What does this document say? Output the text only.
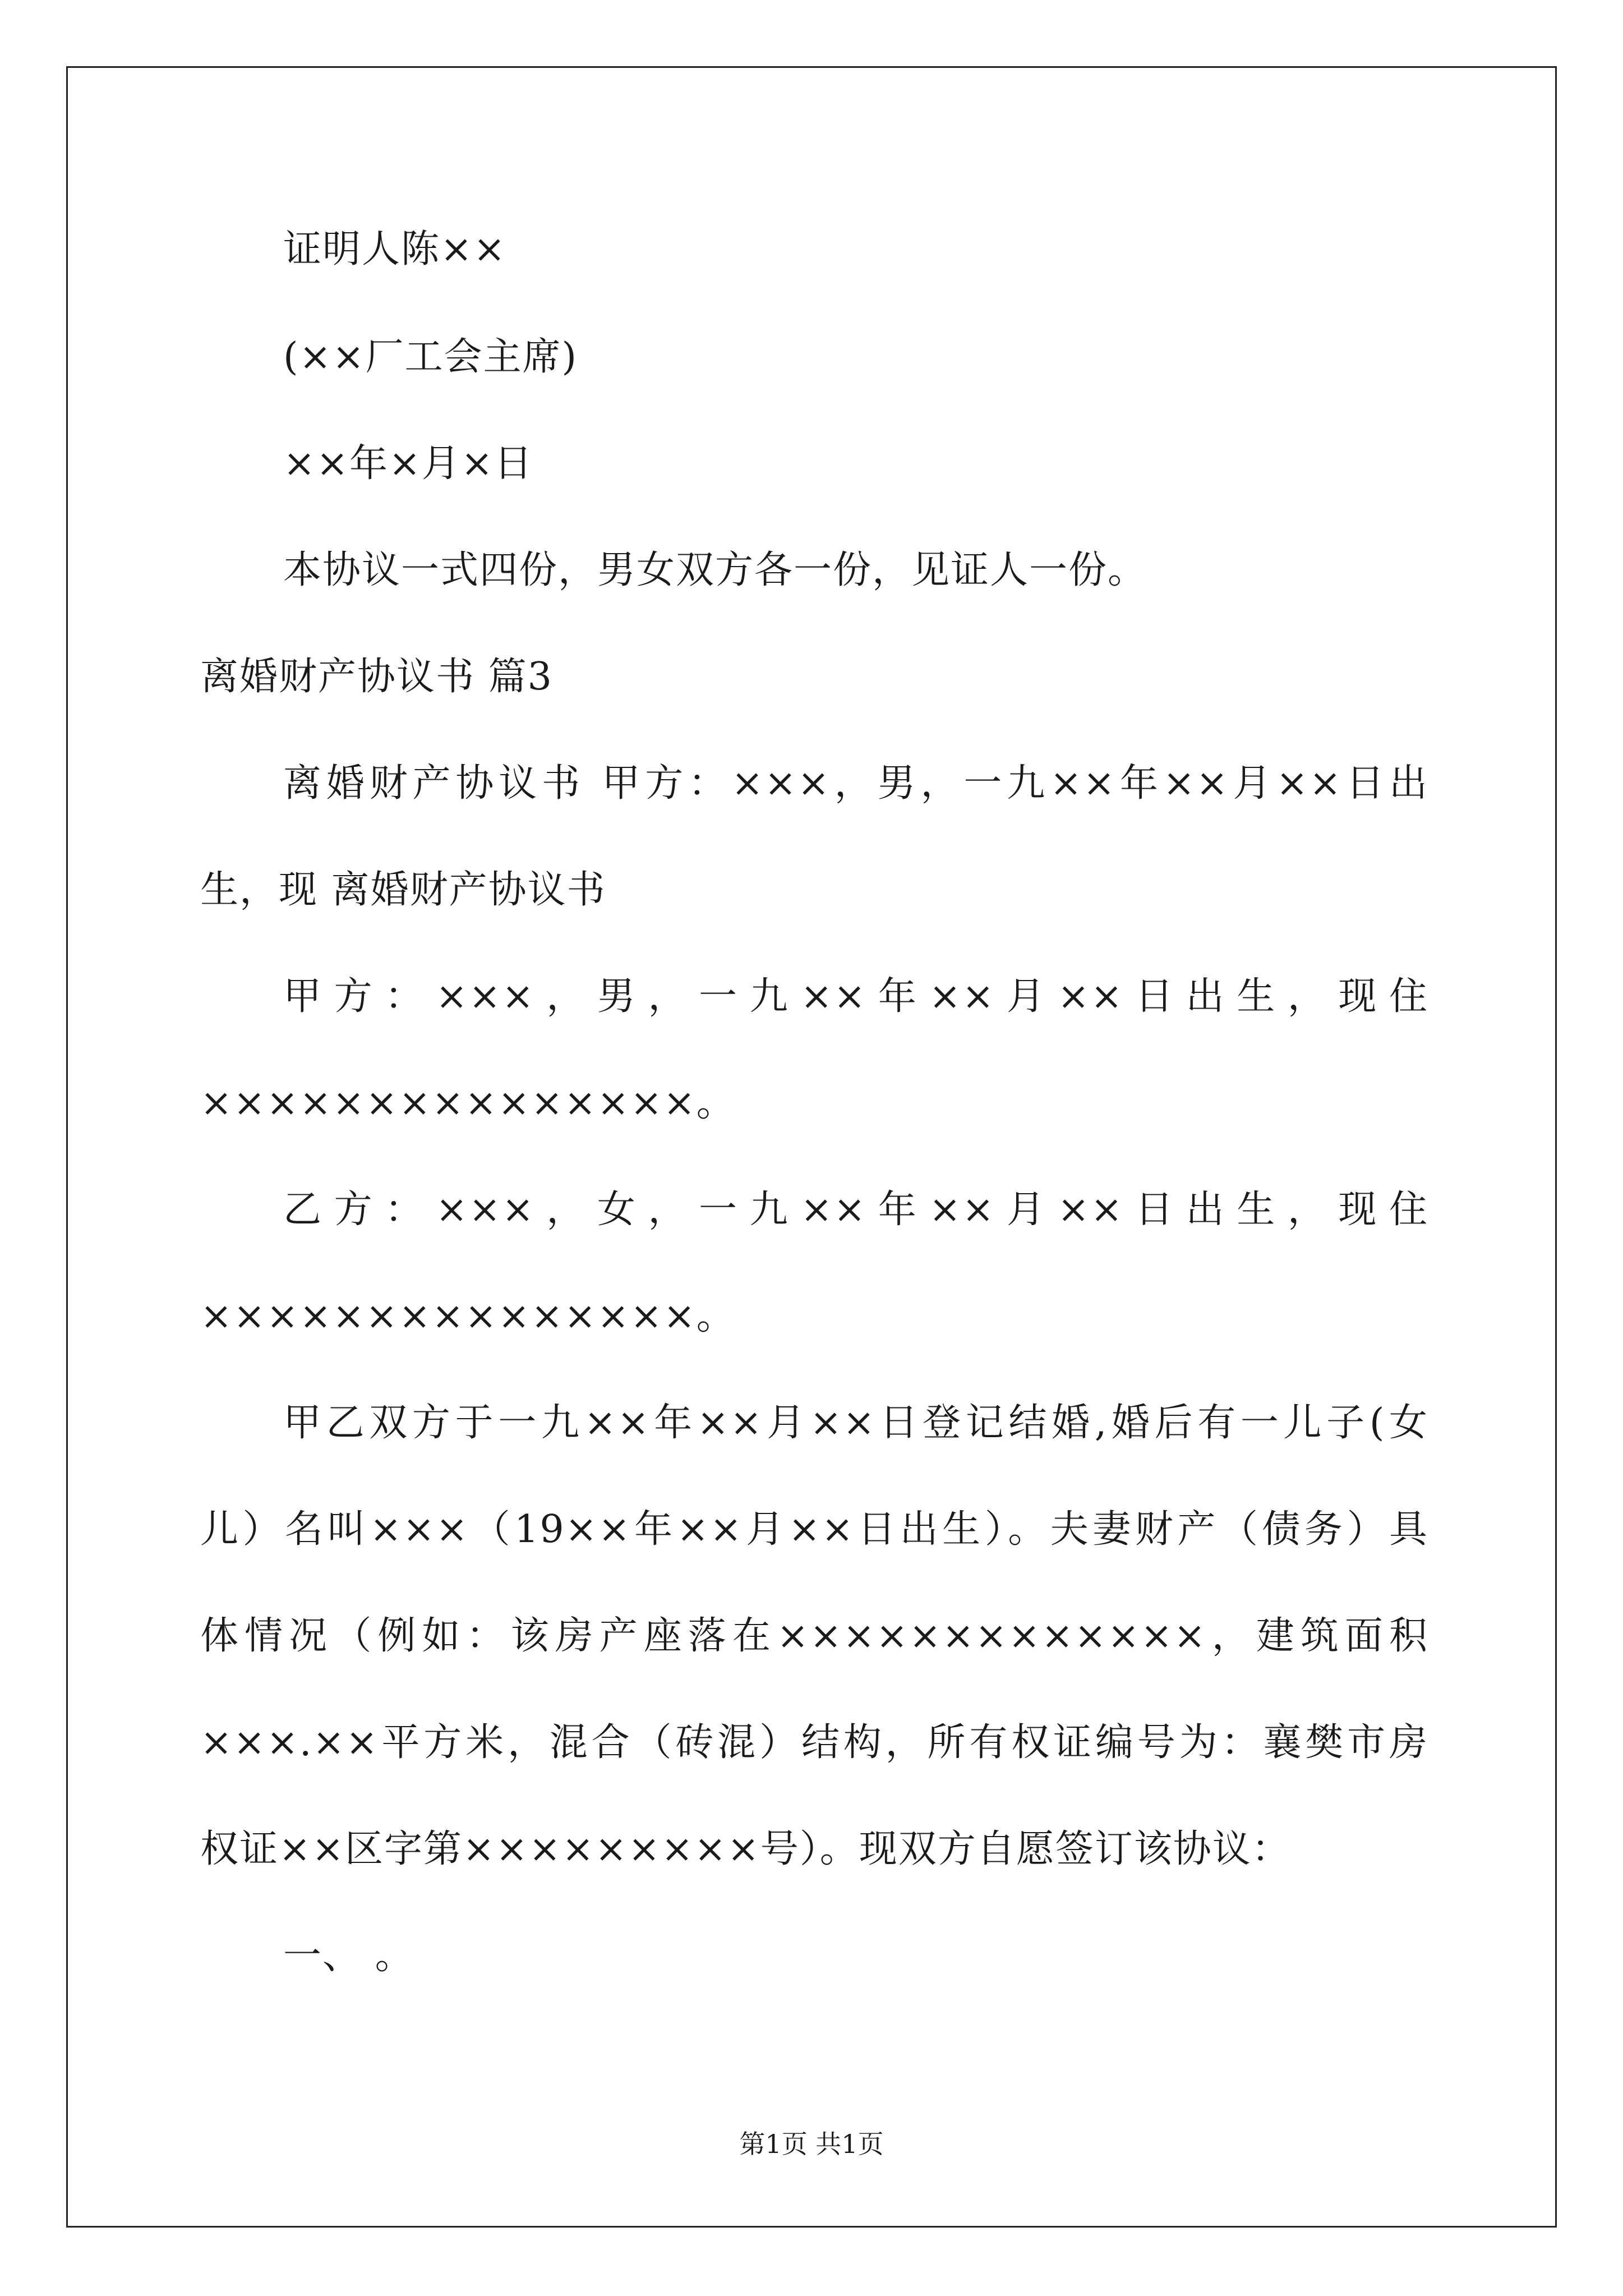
证明人陈××
(××厂工会主席)
××年×月×日
本协议一式四份，男女双方各一份，见证人一份。
离婚财产协议书 篇3
离婚财产协议书 甲方：×××，男，一九××年××月××日出
生，现 离婚财产协议书
甲方：×××，男，一九××年××月××日出生，现住
×××××××××××××××。
乙方：×××，女，一九××年××月××日出生，现住
×××××××××××××××。
甲乙双方于一九××年××月××日登记结婚,婚后有一儿子(女
儿）名叫×××（19××年××月××日出生）。夫妻财产（债务）具
体情况（例如：该房产座落在×××××××××××××，建筑面积
×××.××平方米，混合（砖混）结构，所有权证编号为：襄樊市房
权证××区字第×××××××××号）。现双方自愿签订该协议：
一、 。
第1页 共1页
